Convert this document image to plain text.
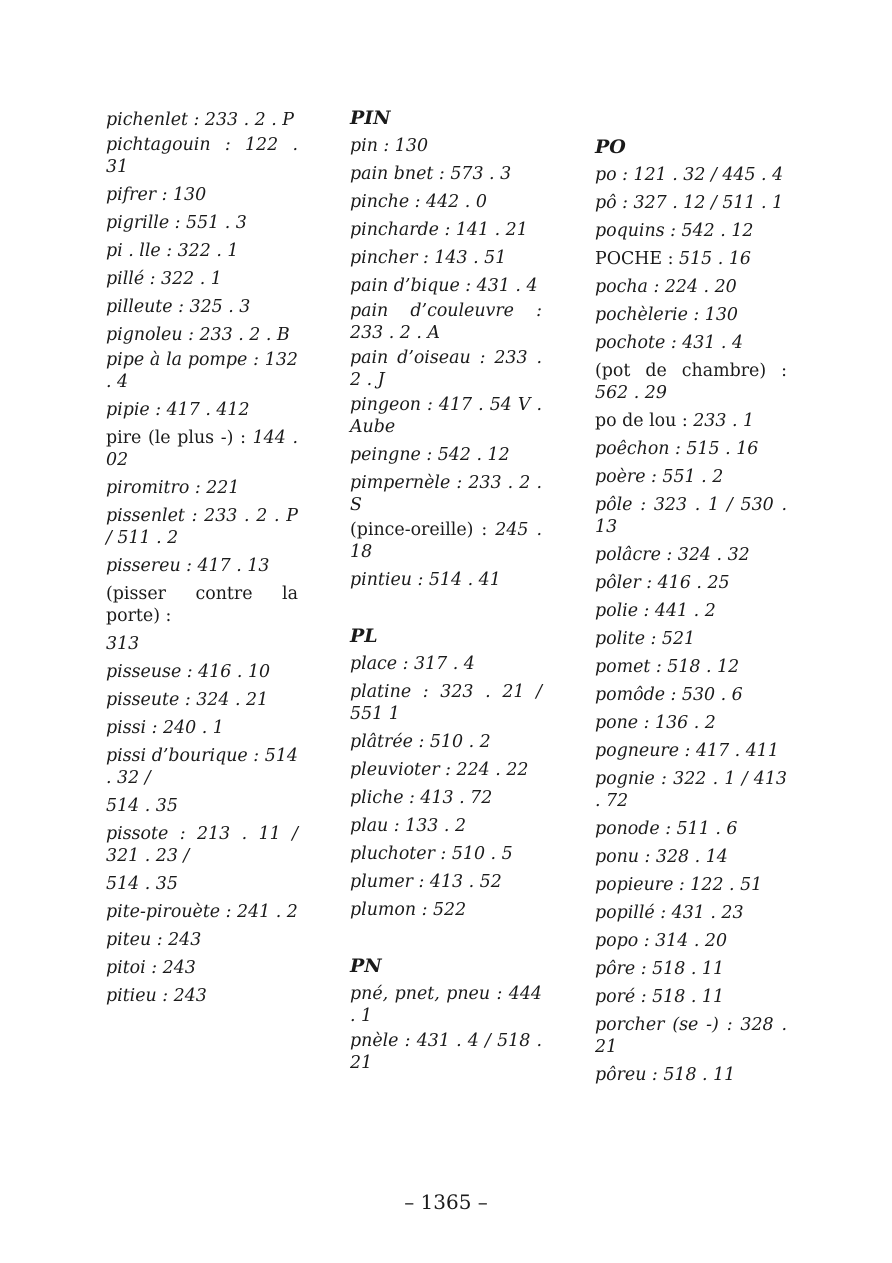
pichenlet : 233 . 2 . P

pichtagouin : 122 . 31

pifrer : 130

pigrille : 551 . 3

pi . lle : 322 . 1

pillé : 322 . 1

pilleute : 325 . 3

pignoleu : 233 . 2 . B

pipe à la pompe : 132 . 4

pipie : 417 . 412

pire (le plus -) : 144 . 02

piromitro : 221

pissenlet : 233 . 2 . P / 511 . 2

pissereu : 417 . 13

(pisser contre la porte) :

313

pisseuse : 416 . 10

pisseute : 324 . 21

pissi : 240 . 1

pissi d’bourique : 514 . 32 /

514 . 35

pissote : 213 . 11 / 321 . 23 /

514 . 35

pite-pirouète : 241 . 2

piteu : 243

pitoi : 243

pitieu : 243

PIN

pin : 130

pain bnet : 573 . 3

pinche : 442 . 0

pincharde : 141 . 21

pincher : 143 . 51

pain d’bique : 431 . 4

pain d’couleuvre : 233 . 2 . A

pain d’oiseau : 233 . 2 . J

pingeon : 417 . 54 V . Aube

peingne : 542 . 12

pimpernèle : 233 . 2 . S

(pince-oreille) : 245 . 18

pintieu : 514 . 41

PL

place : 317 . 4

platine : 323 . 21 / 551 1

plâtrée : 510 . 2

pleuvioter : 224 . 22

pliche : 413 . 72

plau : 133 . 2

pluchoter : 510 . 5

plumer : 413 . 52

plumon : 522

PN

pné, pnet, pneu : 444 . 1

pnèle : 431 . 4 / 518 . 21

PO

po : 121 . 32 / 445 . 4

pô : 327 . 12 / 511 . 1

poquins : 542 . 12

POCHE : 515 . 16

pocha : 224 . 20

pochèlerie : 130

pochote : 431 . 4

(pot de chambre) : 562 . 29

po de lou : 233 . 1

poêchon : 515 . 16

poère : 551 . 2

pôle : 323 . 1 / 530 . 13

polâcre : 324 . 32

pôler : 416 . 25

polie : 441 . 2

polite : 521

pomet : 518 . 12

pomôde : 530 . 6

pone : 136 . 2

pogneure : 417 . 411

pognie : 322 . 1 / 413 . 72

ponode : 511 . 6

ponu : 328 . 14

popieure : 122 . 51

popillé : 431 . 23

popo : 314 . 20

pôre : 518 . 11

poré : 518 . 11

porcher (se -) : 328 . 21

pôreu : 518 . 11

– 1365 –
